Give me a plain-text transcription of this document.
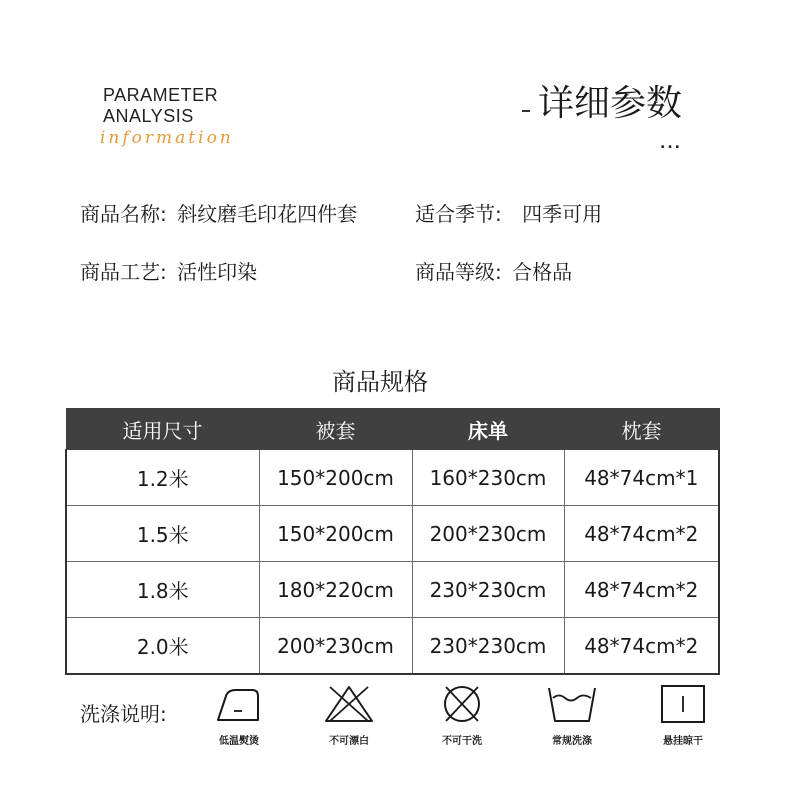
PARAMETER
ANALYSIS
information
详细参数
...
商品名称: 斜纹磨毛印花四件套	适合季节: 四季可用
商品工艺: 活性印染	商品等级: 合格品
商品规格
适用尺寸	被套	床单	枕套
1.2米	150*200cm	160*230cm	48*74cm*1
1.5米	150*200cm	200*230cm	48*74cm*2
1.8米	180*220cm	230*230cm	48*74cm*2
2.0米	200*230cm	230*230cm	48*74cm*2
洗涤说明:
低温熨烫	不可漂白	不可干洗	常规洗涤	悬挂晾干
